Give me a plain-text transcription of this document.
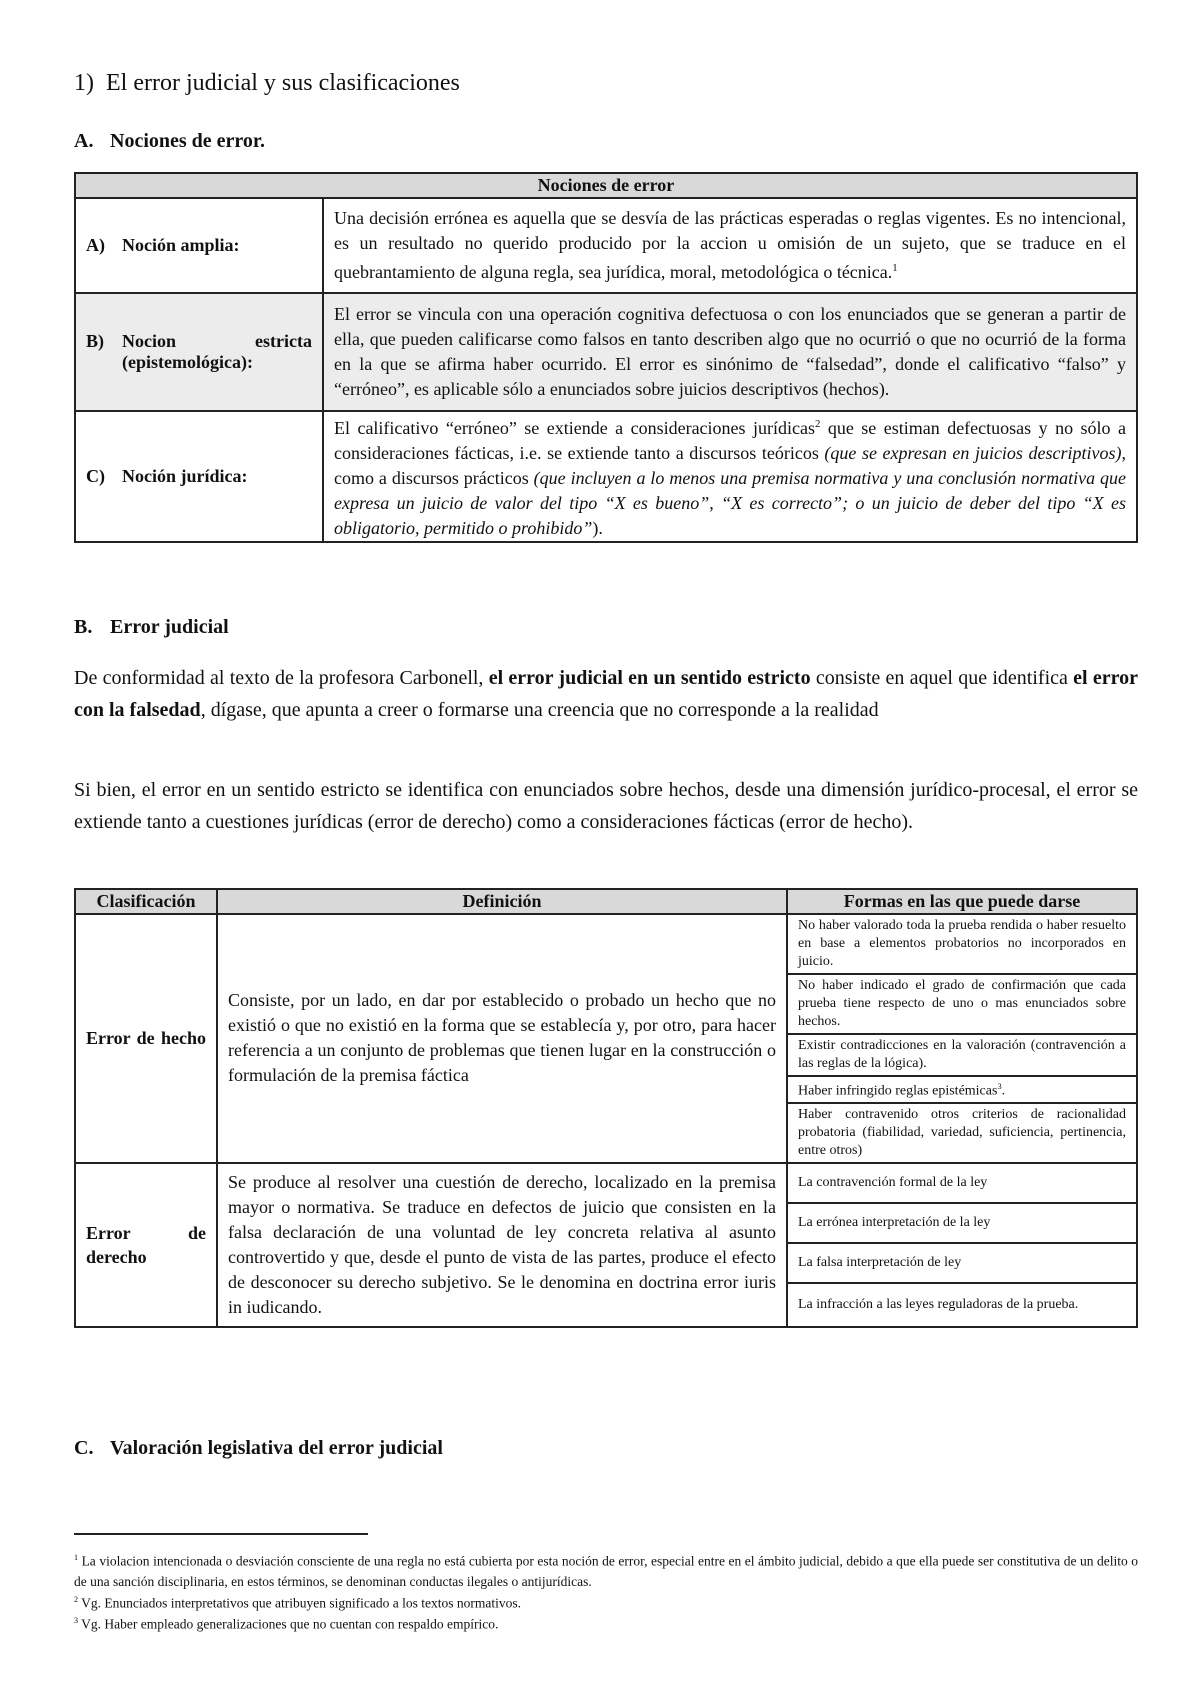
1)  El error judicial y sus clasificaciones

A. Nociones de error.

Nociones de error	

A) Noción amplia:	Una decisión errónea es aquella que se desvía de las prácticas esperadas o reglas vigentes. Es no intencional, es un resultado no querido producido por la accion u omisión de un sujeto, que se traduce en el quebrantamiento de alguna regla, sea jurídica, moral, metodológica o técnica.$^1$

B) Nocion estricta (epistemológica):	El error se vincula con una operación cognitiva defectuosa o con los enunciados que se generan a partir de ella, que pueden calificarse como falsos en tanto describen algo que no ocurrió o que no ocurrió de la forma en la que se afirma haber ocurrido. El error es sinónimo de “falsedad”, donde el calificativo “falso” y “erróneo”, es aplicable sólo a enunciados sobre juicios descriptivos (hechos).

C) Noción jurídica:	El calificativo “erróneo” se extiende a consideraciones jurídicas$^2$ que se estiman defectuosas y no sólo a consideraciones fácticas, i.e. se extiende tanto a discursos teóricos (que se expresan en juicios descriptivos), como a discursos prácticos (que incluyen a lo menos una premisa normativa y una conclusión normativa que expresa un juicio de valor del tipo “X es bueno”, “X es correcto”; o un juicio de deber del tipo “X es obligatorio, permitido o prohibido”).

B. Error judicial

De conformidad al texto de la profesora Carbonell, el error judicial en un sentido estricto consiste en aquel que identifica el error con la falsedad, dígase, que apunta a creer o formarse una creencia que no corresponde a la realidad

Si bien, el error en un sentido estricto se identifica con enunciados sobre hechos, desde una dimensión jurídico-procesal, el error se extiende tanto a cuestiones jurídicas (error de derecho) como a consideraciones fácticas (error de hecho).

Clasificación	Definición	Formas en las que puede darse
Error de hecho	Consiste, por un lado, en dar por establecido o probado un hecho que no existió o que no existió en la forma que se establecía y, por otro, para hacer referencia a un conjunto de problemas que tienen lugar en la construcción o formulación de la premisa fáctica	No haber valorado toda la prueba rendida o haber resuelto en base a elementos probatorios no incorporados en juicio.
		No haber indicado el grado de confirmación que cada prueba tiene respecto de uno o mas enunciados sobre hechos.
		Existir contradicciones en la valoración (contravención a las reglas de la lógica).
		Haber infringido reglas epistémicas$^3$.
		Haber contravenido otros criterios de racionalidad probatoria (fiabilidad, variedad, suficiencia, pertinencia, entre otros)
Error de derecho	Se produce al resolver una cuestión de derecho, localizado en la premisa mayor o normativa. Se traduce en defectos de juicio que consisten en la falsa declaración de una voluntad de ley concreta relativa al asunto controvertido y que, desde el punto de vista de las partes, produce el efecto de desconocer su derecho subjetivo. Se le denomina en doctrina error iuris in iudicando.	La contravención formal de la ley
		La errónea interpretación de la ley
		La falsa interpretación de ley
		La infracción a las leyes reguladoras de la prueba.

C. Valoración legislativa del error judicial

$^1$ La violacion intencionada o desviación consciente de una regla no está cubierta por esta noción de error, especial entre en el ámbito judicial, debido a que ella puede ser constitutiva de un delito o de una sanción disciplinaria, en estos términos, se denominan conductas ilegales o antijurídicas.

$^2$ Vg. Enunciados interpretativos que atribuyen significado a los textos normativos.

$^3$ Vg. Haber empleado generalizaciones que no cuentan con respaldo empírico.
